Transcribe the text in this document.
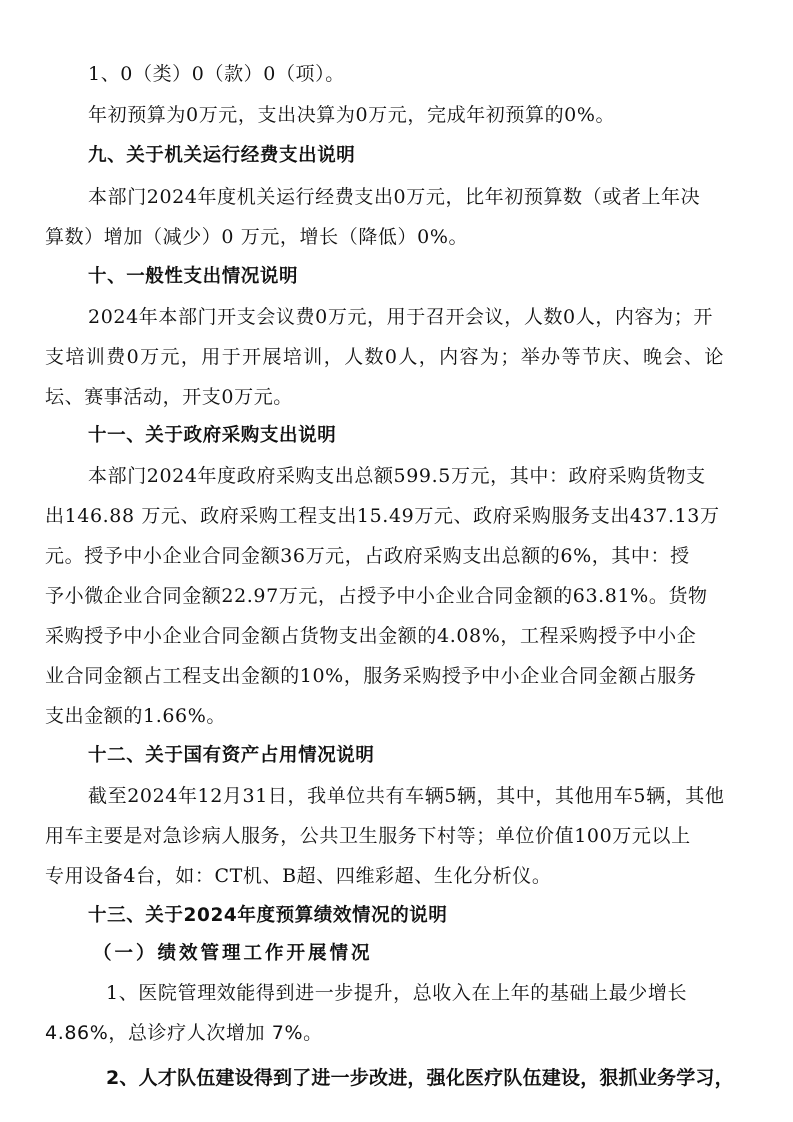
1、0（类）0（款）0（项）。
年初预算为0万元，支出决算为0万元，完成年初预算的0%。
九、关于机关运行经费支出说明
本部门2024年度机关运行经费支出0万元，比年初预算数（或者上年决
算数）增加（减少）0 万元，增长（降低）0%。
十、一般性支出情况说明
2024年本部门开支会议费0万元，用于召开会议，人数0人，内容为；开
支培训费0万元，用于开展培训，人数0人，内容为；举办等节庆、晚会、论
坛、赛事活动，开支0万元。
十一、关于政府采购支出说明
本部门2024年度政府采购支出总额599.5万元，其中：政府采购货物支
出146.88 万元、政府采购工程支出15.49万元、政府采购服务支出437.13万
元。授予中小企业合同金额36万元，占政府采购支出总额的6%，其中：授
予小微企业合同金额22.97万元，占授予中小企业合同金额的63.81%。货物
采购授予中小企业合同金额占货物支出金额的4.08%，工程采购授予中小企
业合同金额占工程支出金额的10%，服务采购授予中小企业合同金额占服务
支出金额的1.66%。
十二、关于国有资产占用情况说明
截至2024年12月31日，我单位共有车辆5辆，其中，其他用车5辆，其他
用车主要是对急诊病人服务，公共卫生服务下村等；单位价值100万元以上
专用设备4台，如：CT机、B超、四维彩超、生化分析仪。
十三、关于2024年度预算绩效情况的说明
（一）绩效管理工作开展情况
1、医院管理效能得到进一步提升，总收入在上年的基础上最少增长
4.86%，总诊疗人次增加 7%。
2、人才队伍建设得到了进一步改进，强化医疗队伍建设，狠抓业务学习，
